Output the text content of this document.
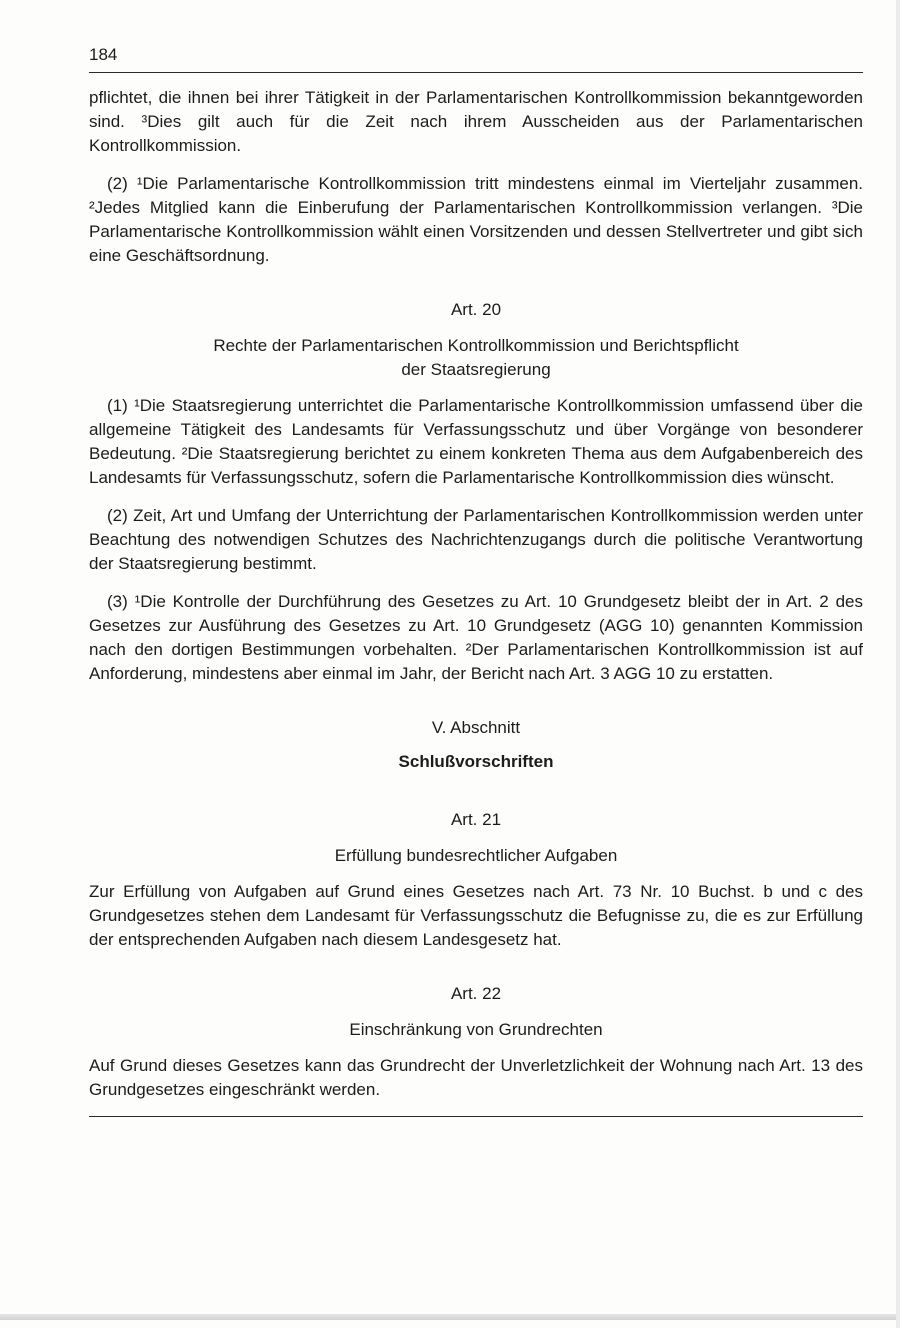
184

pflichtet, die ihnen bei ihrer Tätigkeit in der Parlamentarischen Kontrollkommission bekanntgeworden sind. ³Dies gilt auch für die Zeit nach ihrem Ausscheiden aus der Parlamentarischen Kontrollkommission.

(2) ¹Die Parlamentarische Kontrollkommission tritt mindestens einmal im Vierteljahr zusammen. ²Jedes Mitglied kann die Einberufung der Parlamentarischen Kontrollkommission verlangen. ³Die Parlamentarische Kontrollkommission wählt einen Vorsitzenden und dessen Stellvertreter und gibt sich eine Geschäftsordnung.

Art. 20
Rechte der Parlamentarischen Kontrollkommission und Berichtspflicht
der Staatsregierung

(1) ¹Die Staatsregierung unterrichtet die Parlamentarische Kontrollkommission umfassend über die allgemeine Tätigkeit des Landesamts für Verfassungsschutz und über Vorgänge von besonderer Bedeutung. ²Die Staatsregierung berichtet zu einem konkreten Thema aus dem Aufgabenbereich des Landesamts für Verfassungsschutz, sofern die Parlamentarische Kontrollkommission dies wünscht.

(2) Zeit, Art und Umfang der Unterrichtung der Parlamentarischen Kontrollkommission werden unter Beachtung des notwendigen Schutzes des Nachrichtenzugangs durch die politische Verantwortung der Staatsregierung bestimmt.

(3) ¹Die Kontrolle der Durchführung des Gesetzes zu Art. 10 Grundgesetz bleibt der in Art. 2 des Gesetzes zur Ausführung des Gesetzes zu Art. 10 Grundgesetz (AGG 10) genannten Kommission nach den dortigen Bestimmungen vorbehalten. ²Der Parlamentarischen Kontrollkommission ist auf Anforderung, mindestens aber einmal im Jahr, der Bericht nach Art. 3 AGG 10 zu erstatten.

V. Abschnitt
Schlußvorschriften
Art. 21
Erfüllung bundesrechtlicher Aufgaben

Zur Erfüllung von Aufgaben auf Grund eines Gesetzes nach Art. 73 Nr. 10 Buchst. b und c des Grundgesetzes stehen dem Landesamt für Verfassungsschutz die Befugnisse zu, die es zur Erfüllung der entsprechenden Aufgaben nach diesem Landesgesetz hat.

Art. 22
Einschränkung von Grundrechten

Auf Grund dieses Gesetzes kann das Grundrecht der Unverletzlichkeit der Wohnung nach Art. 13 des Grundgesetzes eingeschränkt werden.
